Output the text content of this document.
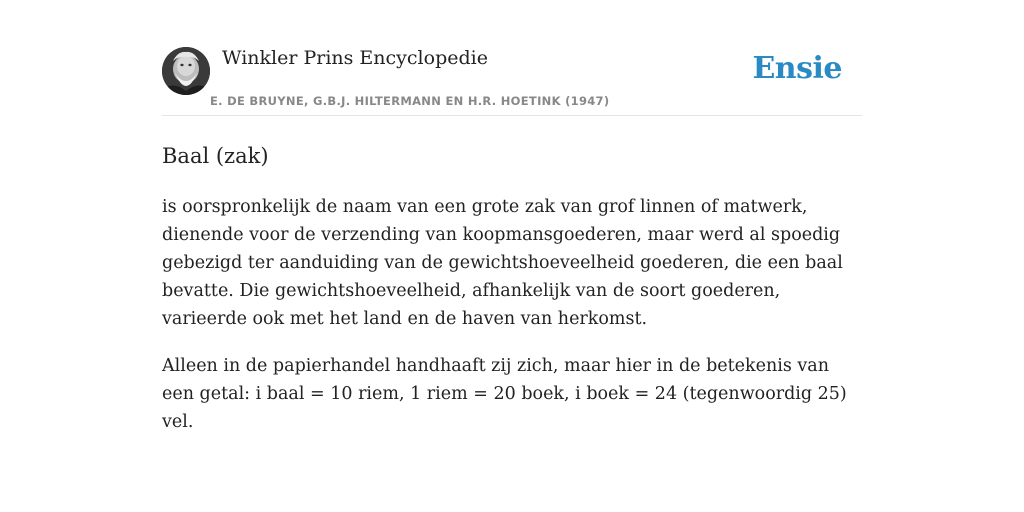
Winkler Prins Encyclopedie
E. DE BRUYNE, G.B.J. HILTERMANN EN H.R. HOETINK (1947)
Ensie
Baal (zak)

is oorspronkelijk de naam van een grote zak van grof linnen of matwerk, dienende voor de verzending van koopmansgoederen, maar werd al spoedig gebezigd ter aanduiding van de gewichtshoeveelheid goederen, die een baal bevatte. Die gewichtshoeveelheid, afhankelijk van de soort goederen, varieerde ook met het land en de haven van herkomst.

Alleen in de papierhandel handhaaft zij zich, maar hier in de betekenis van een getal: i baal = 10 riem, 1 riem = 20 boek, i boek = 24 (tegenwoordig 25) vel.
